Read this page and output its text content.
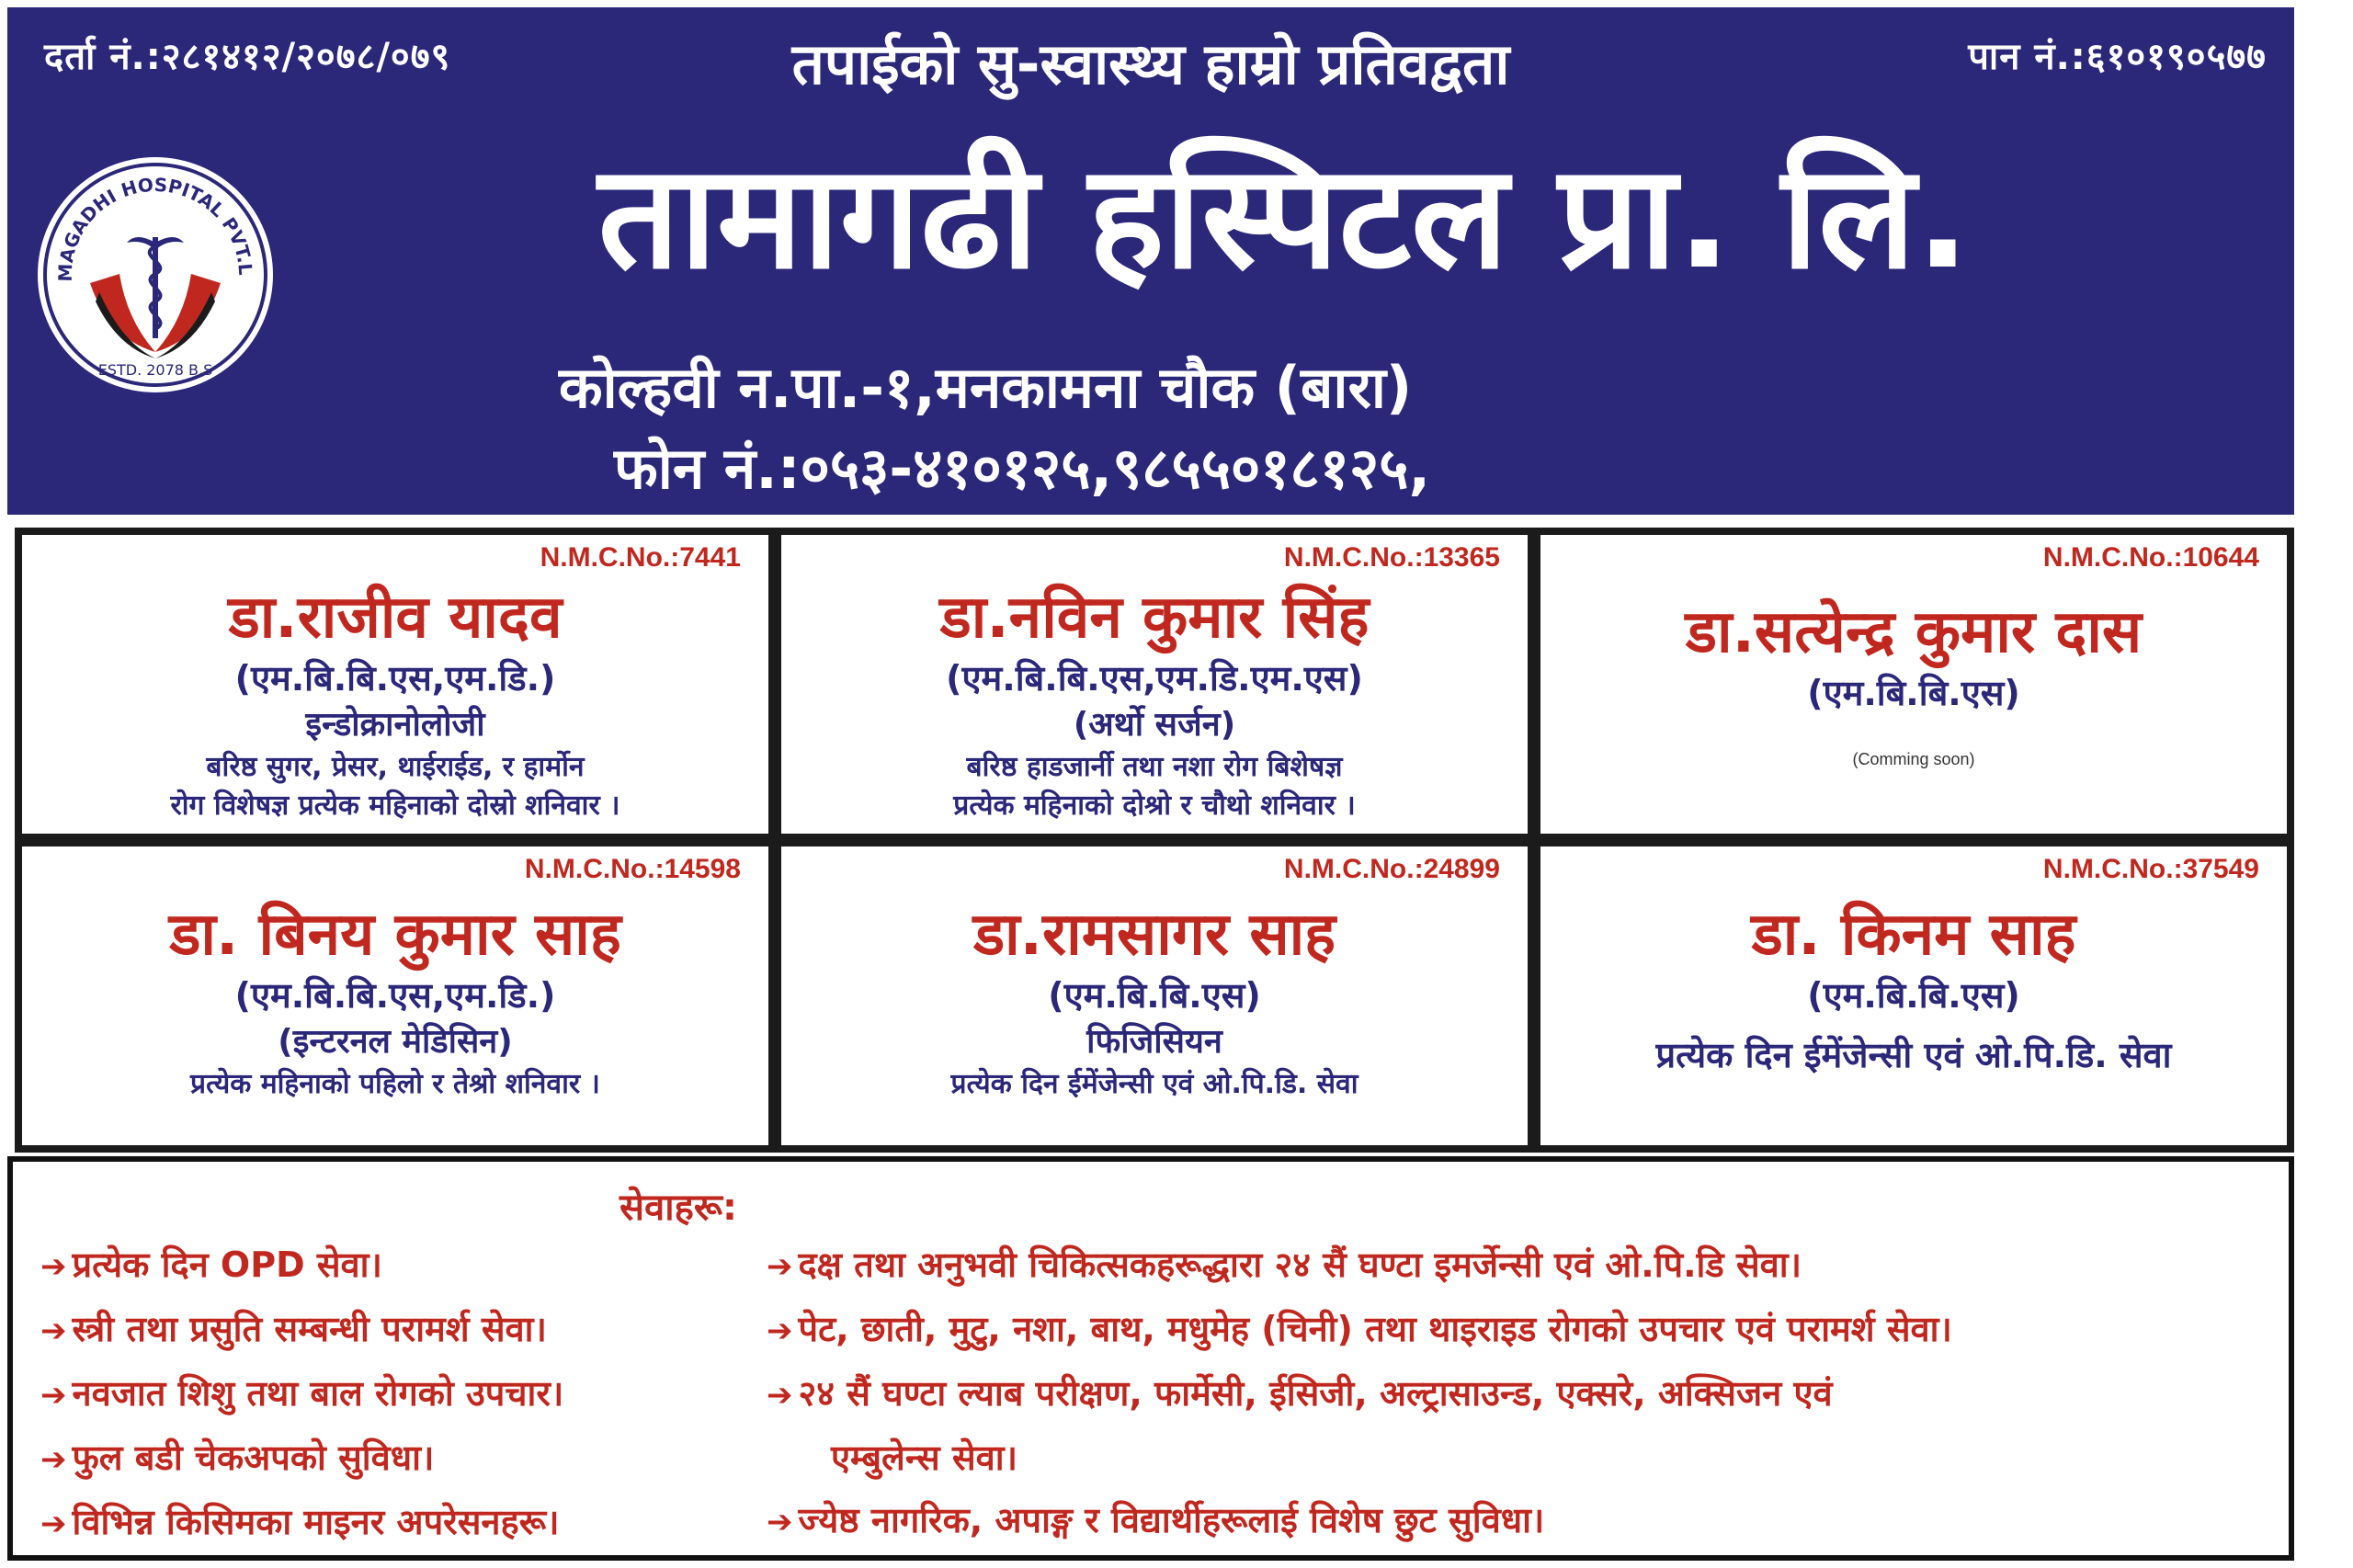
दर्ता नं.:२८१४१२/२०७८/०७९	तपाईको सु-स्वास्थ्य हाम्रो प्रतिवद्वता	पान नं.:६१०१९०५७७
MAGADHI HOSPITAL PVT.L
ESTD. 2078 B.S
तामागढी हस्पिटल प्रा. लि.
कोल्हवी न.पा.-१,मनकामना चौक (बारा)
फोन नं.:०५३-४१०१२५,९८५५०१८१२५,
N.M.C.No.:7441
डा.राजीव यादव
(एम.बि.बि.एस,एम.डि.)
इन्डोक्रानोलोजी
बरिष्ठ सुगर, प्रेसर, थाईराईड, र हार्मोन
रोग विशेषज्ञ प्रत्येक महिनाको दोस्रो शनिवार ।
N.M.C.No.:13365
डा.नविन कुमार सिंह
(एम.बि.बि.एस,एम.डि.एम.एस)
(अर्थो सर्जन)
बरिष्ठ हाडजार्नी तथा नशा रोग बिशेषज्ञ
प्रत्येक महिनाको दोश्रो र चौथो शनिवार ।
N.M.C.No.:10644
डा.सत्येन्द्र कुमार दास
(एम.बि.बि.एस)
(Comming soon)
N.M.C.No.:14598
डा. बिनय कुमार साह
(एम.बि.बि.एस,एम.डि.)
(इन्टरनल मेडिसिन)
प्रत्येक महिनाको पहिलो र तेश्रो शनिवार ।
N.M.C.No.:24899
डा.रामसागर साह
(एम.बि.बि.एस)
फिजिसियन
प्रत्येक दिन ईमेंजेन्सी एवं ओ.पि.डि. सेवा
N.M.C.No.:37549
डा. किनम साह
(एम.बि.बि.एस)
प्रत्येक दिन ईमेंजेन्सी एवं ओ.पि.डि. सेवा
सेवाहरू:
➔ प्रत्येक दिन OPD सेवा।
➔ स्त्री तथा प्रसुति सम्बन्धी परामर्श सेवा।
➔ नवजात शिशु तथा बाल रोगको उपचार।
➔ फुल बडी चेकअपको सुविधा।
➔ विभिन्न किसिमका माइनर अपरेसनहरू।
➔ दक्ष तथा अनुभवी चिकित्सकहरूद्धारा २४ सैं घण्टा इमर्जेन्सी एवं ओ.पि.डि सेवा।
➔ पेट, छाती, मुटु, नशा, बाथ, मधुमेह (चिनी) तथा थाइराइड रोगको उपचार एवं परामर्श सेवा।
➔ २४ सैं घण्टा ल्याब परीक्षण, फार्मेसी, ईसिजी, अल्ट्रासाउन्ड, एक्सरे, अक्सिजन एवं
एम्बुलेन्स सेवा।
➔ ज्येष्ठ नागरिक, अपाङ्ग र विद्यार्थीहरूलाई विशेष छुट सुविधा।
